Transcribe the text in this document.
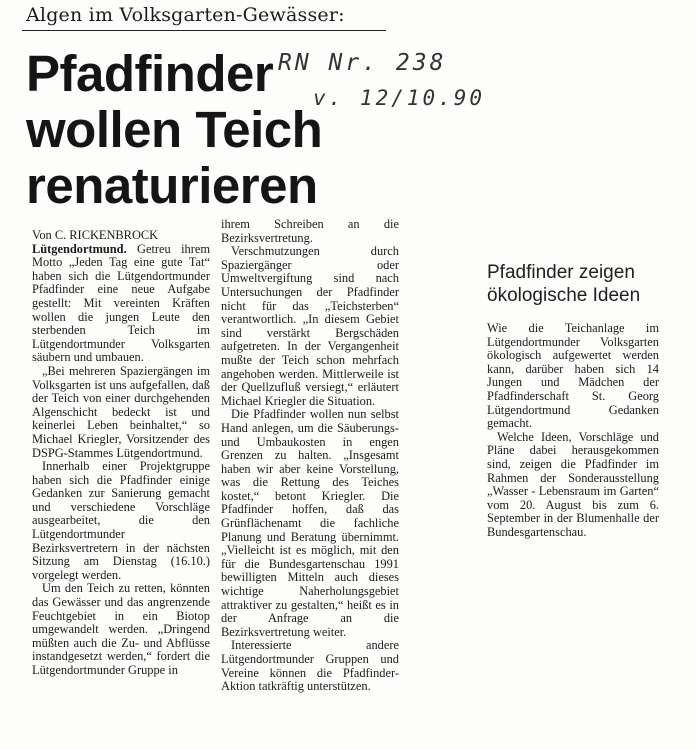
Algen im Volksgarten-Gewässer:
Pfadfinder
wollen Teich
renaturieren
RN Nr. 238
v. 12/10.90

Von C. RICKENBROCK

Lütgendortmund. Getreu ihrem Motto „Jeden Tag eine gute Tat“ haben sich die Lütgendortmunder Pfadfinder eine neue Aufgabe gestellt: Mit vereinten Kräften wollen die jungen Leute den sterbenden Teich im Lütgendortmunder Volksgarten säubern und umbauen.

„Bei mehreren Spaziergängen im Volksgarten ist uns aufgefallen, daß der Teich von einer durchgehenden Algenschicht bedeckt ist und keinerlei Leben beinhaltet,“ so Michael Kriegler, Vorsitzender des DSPG-Stammes Lütgendortmund.

Innerhalb einer Projektgruppe haben sich die Pfadfinder einige Gedanken zur Sanierung gemacht und verschiedene Vorschläge ausgearbeitet, die den Lütgendortmunder Bezirksvertretern in der nächsten Sitzung am Dienstag (16.10.) vorgelegt werden.

Um den Teich zu retten, könnten das Gewässer und das angrenzende Feuchtgebiet in ein Biotop umgewandelt werden. „Dringend müßten auch die Zu- und Abflüsse instandgesetzt werden,“ fordert die Lütgendortmunder Gruppe in

ihrem Schreiben an die Bezirksvertretung.

Verschmutzungen durch Spaziergänger oder Umweltvergiftung sind nach Untersuchungen der Pfadfinder nicht für das „Teichsterben“ verantwortlich. „In diesem Gebiet sind verstärkt Bergschäden aufgetreten. In der Vergangenheit mußte der Teich schon mehrfach angehoben werden. Mittlerweile ist der Quellzufluß versiegt,“ erläutert Michael Kriegler die Situation.

Die Pfadfinder wollen nun selbst Hand anlegen, um die Säuberungs- und Umbaukosten in engen Grenzen zu halten. „Insgesamt haben wir aber keine Vorstellung, was die Rettung des Teiches kostet,“ betont Kriegler. Die Pfadfinder hoffen, daß das Grünflächenamt die fachliche Planung und Beratung übernimmt. „Vielleicht ist es möglich, mit den für die Bundesgartenschau 1991 bewilligten Mitteln auch dieses wichtige Naherholungsgebiet attraktiver zu gestalten,“ heißt es in der Anfrage an die Bezirksvertretung weiter.

Interessierte andere Lütgendortmunder Gruppen und Vereine können die Pfadfinder-Aktion tatkräftig unterstützen.

Pfadfinder zeigen ökologische Ideen

Wie die Teichanlage im Lütgendortmunder Volksgarten ökologisch aufgewertet werden kann, darüber haben sich 14 Jungen und Mädchen der Pfadfinderschaft St. Georg Lütgendortmund Gedanken gemacht.

Welche Ideen, Vorschläge und Pläne dabei herausgekommen sind, zeigen die Pfadfinder im Rahmen der Sonderausstellung „Wasser - Lebensraum im Garten“ vom 20. August bis zum 6. September in der Blumenhalle der Bundesgartenschau.
